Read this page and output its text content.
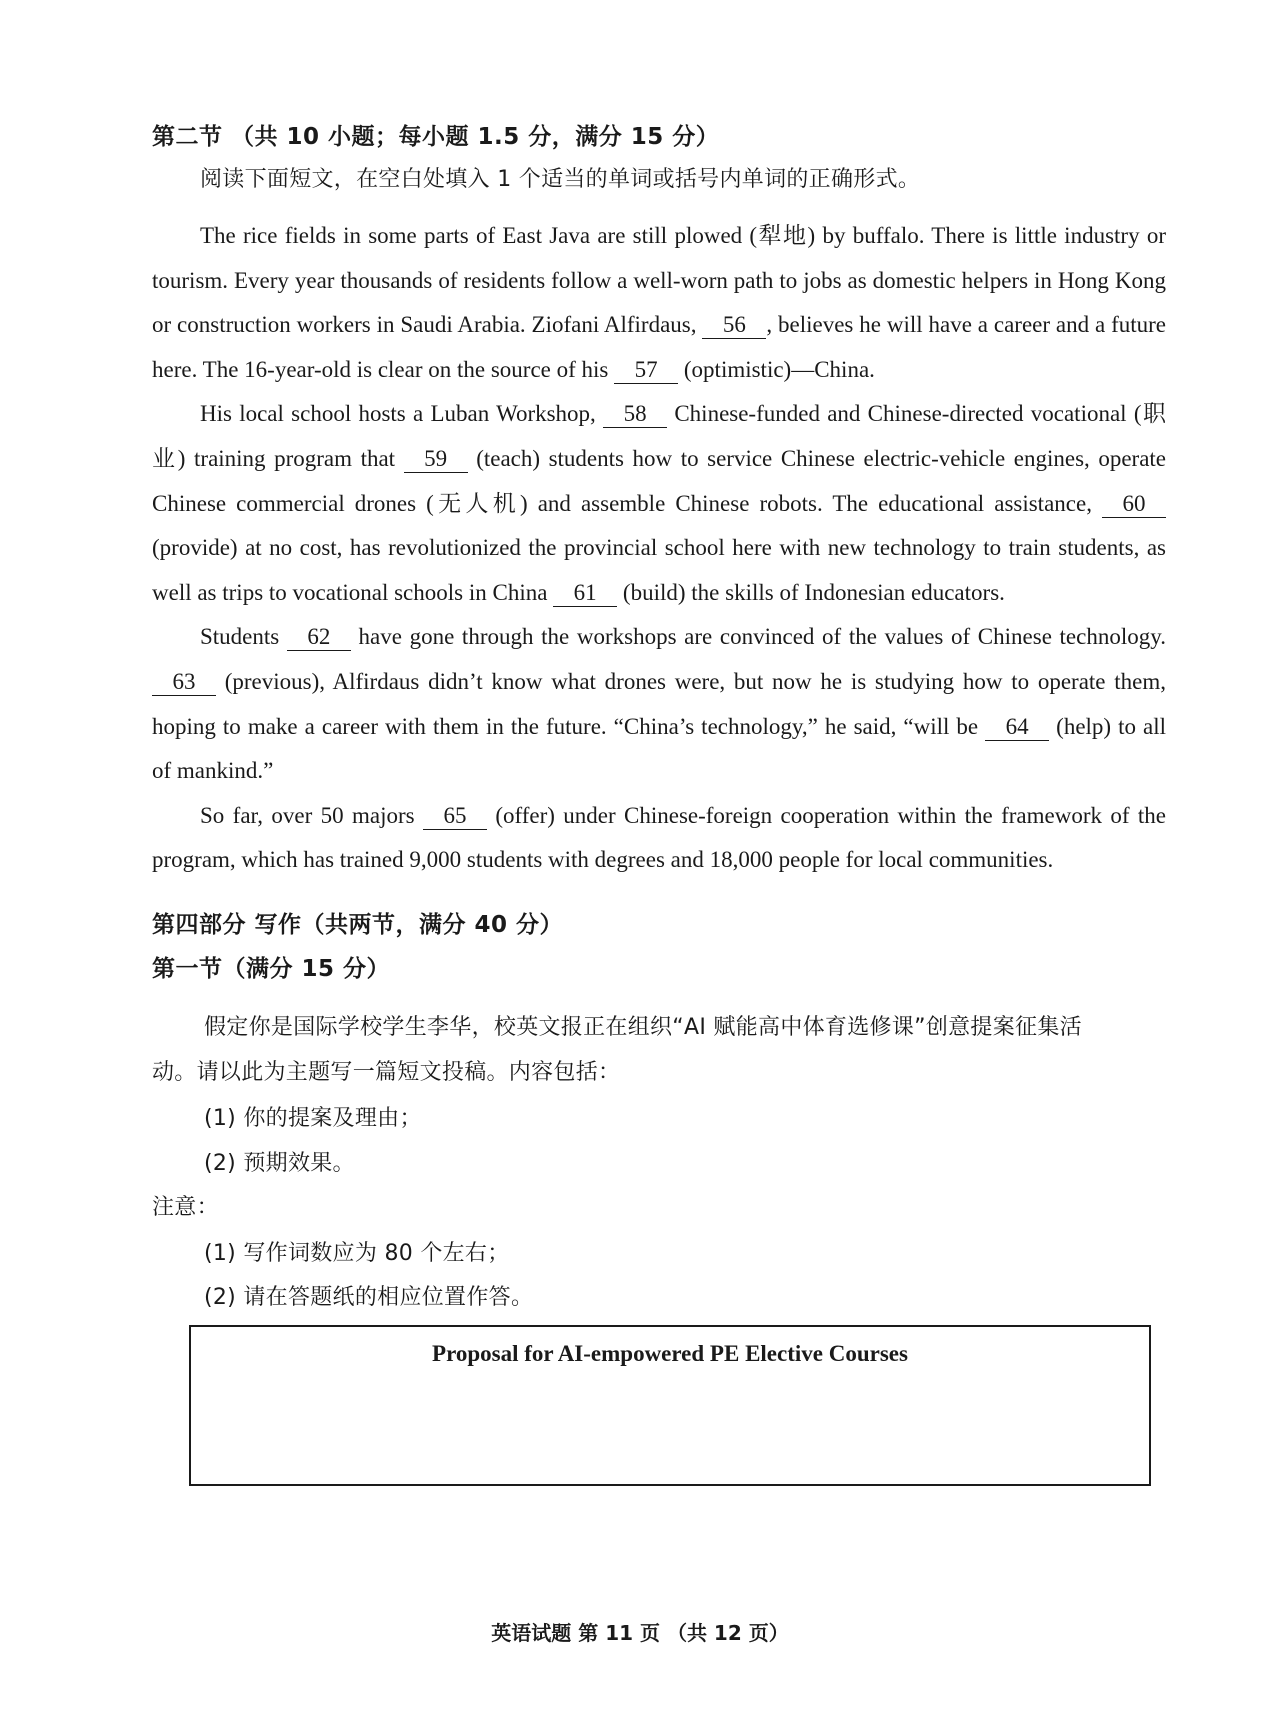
第二节 （共 10 小题；每小题 1.5 分，满分 15 分）
阅读下面短文，在空白处填入 1 个适当的单词或括号内单词的正确形式。

The rice fields in some parts of East Java are still plowed (犁地) by buffalo. There is little industry or tourism. Every year thousands of residents follow a well-worn path to jobs as domestic helpers in Hong Kong or construction workers in Saudi Arabia. Ziofani Alfirdaus, 56 , believes he will have a career and a future here. The 16-year-old is clear on the source of his 57 (optimistic)—China.

His local school hosts a Luban Workshop, 58 Chinese-funded and Chinese-directed vocational (职业) training program that 59 (teach) students how to service Chinese electric-vehicle engines, operate Chinese commercial drones (无人机) and assemble Chinese robots. The educational assistance, 60 (provide) at no cost, has revolutionized the provincial school here with new technology to train students, as well as trips to vocational schools in China 61 (build) the skills of Indonesian educators.

Students 62 have gone through the workshops are convinced of the values of Chinese technology. 63 (previous), Alfirdaus didn’t know what drones were, but now he is studying how to operate them, hoping to make a career with them in the future. “China’s technology,” he said, “will be 64 (help) to all of mankind.”

So far, over 50 majors 65 (offer) under Chinese-foreign cooperation within the framework of the program, which has trained 9,000 students with degrees and 18,000 people for local communities.

第四部分 写作（共两节，满分 40 分）
第一节（满分 15 分）
假定你是国际学校学生李华，校英文报正在组织“AI 赋能高中体育选修课”创意提案征集活
动。请以此为主题写一篇短文投稿。内容包括：
(1) 你的提案及理由；
(2) 预期效果。
注意：
(1) 写作词数应为 80 个左右；
(2) 请在答题纸的相应位置作答。
Proposal for AI-empowered PE Elective Courses
英语试题 第 11 页 （共 12 页）
